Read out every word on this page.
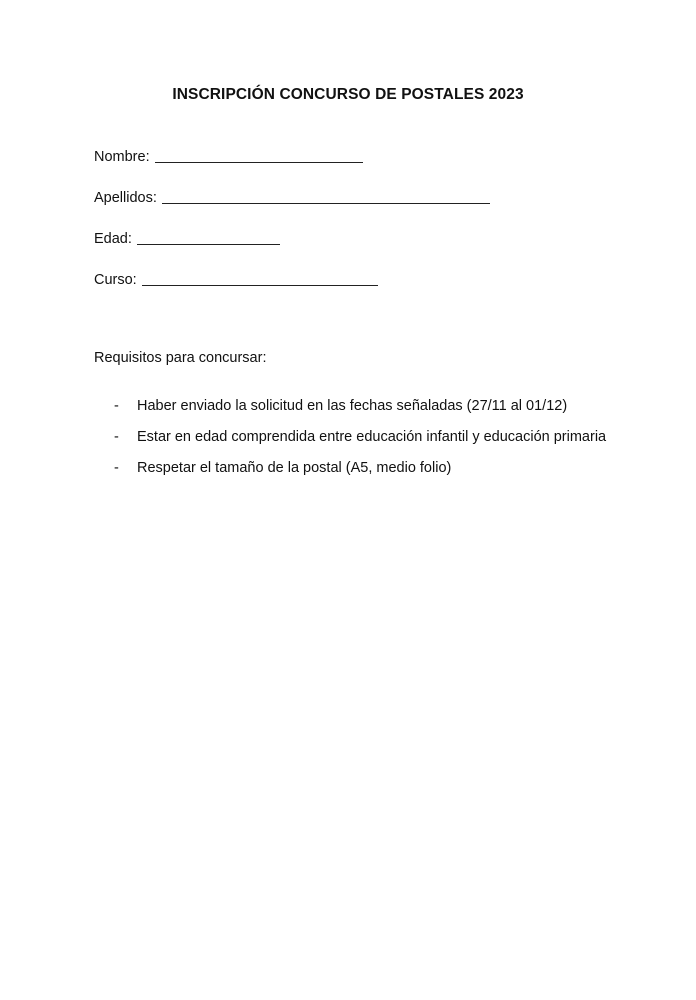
INSCRIPCIÓN CONCURSO DE POSTALES 2023
Nombre:
Apellidos:
Edad:
Curso:
Requisitos para concursar:
- Haber enviado la solicitud en las fechas señaladas (27/11 al 01/12)
- Estar en edad comprendida entre educación infantil y educación primaria
- Respetar el tamaño de la postal (A5, medio folio)
